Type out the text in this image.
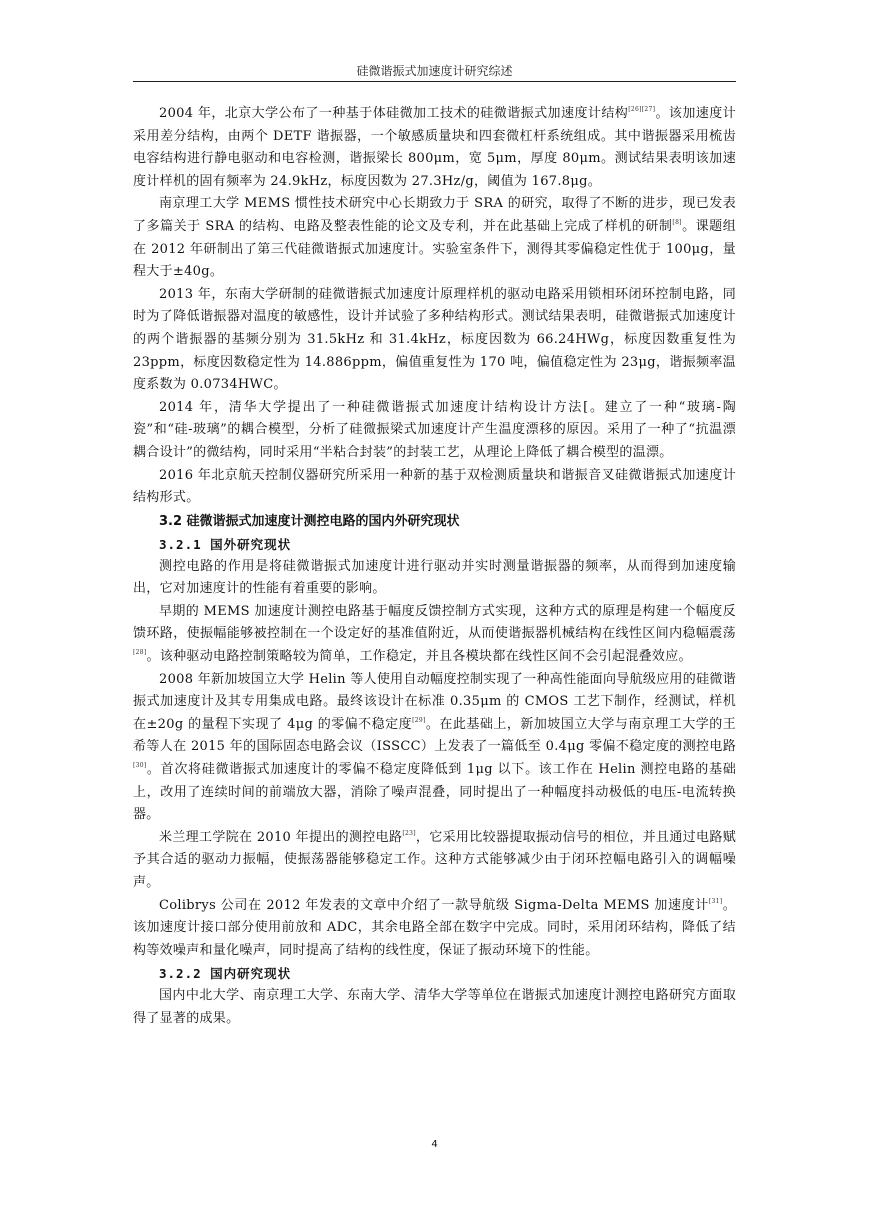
硅微谐振式加速度计研究综述

2004 年，北京大学公布了一种基于体硅微加工技术的硅微谐振式加速度计结构[26][27]。该加速度计采用差分结构，由两个 DETF 谐振器，一个敏感质量块和四套微杠杆系统组成。其中谐振器采用梳齿电容结构进行静电驱动和电容检测，谐振梁长 800μm，宽 5μm，厚度 80μm。测试结果表明该加速度计样机的固有频率为 24.9kHz，标度因数为 27.3Hz/g，阈值为 167.8μg。

南京理工大学 MEMS 惯性技术研究中心长期致力于 SRA 的研究，取得了不断的进步，现已发表了多篇关于 SRA 的结构、电路及整表性能的论文及专利，并在此基础上完成了样机的研制[8]。课题组在 2012 年研制出了第三代硅微谐振式加速度计。实验室条件下，测得其零偏稳定性优于 100μg，量程大于±40g。

2013 年，东南大学研制的硅微谐振式加速度计原理样机的驱动电路采用锁相环闭环控制电路，同时为了降低谐振器对温度的敏感性，设计并试验了多种结构形式。测试结果表明，硅微谐振式加速度计的两个谐振器的基频分别为 31.5kHz 和 31.4kHz，标度因数为 66.24HWg，标度因数重复性为 23ppm，标度因数稳定性为 14.886ppm，偏值重复性为 170 吨，偏值稳定性为 23μg，谐振频率温度系数为 0.0734HWC。

2014 年，清华大学提出了一种硅微谐振式加速度计结构设计方法[。建立了一种“玻璃-陶瓷”和“硅-玻璃”的耦合模型，分析了硅微振梁式加速度计产生温度漂移的原因。采用了一种了“抗温漂耦合设计”的微结构，同时采用“半粘合封装”的封装工艺，从理论上降低了耦合模型的温漂。

2016 年北京航天控制仪器研究所采用一种新的基于双检测质量块和谐振音叉硅微谐振式加速度计结构形式。

3.2 硅微谐振式加速度计测控电路的国内外研究现状

3.2.1 国外研究现状

测控电路的作用是将硅微谐振式加速度计进行驱动并实时测量谐振器的频率，从而得到加速度输出，它对加速度计的性能有着重要的影响。

早期的 MEMS 加速度计测控电路基于幅度反馈控制方式实现，这种方式的原理是构建一个幅度反馈环路，使振幅能够被控制在一个设定好的基准值附近，从而使谐振器机械结构在线性区间内稳幅震荡[28]。该种驱动电路控制策略较为简单，工作稳定，并且各模块都在线性区间不会引起混叠效应。

2008 年新加坡国立大学 Helin 等人使用自动幅度控制实现了一种高性能面向导航级应用的硅微谐振式加速度计及其专用集成电路。最终该设计在标准 0.35μm 的 CMOS 工艺下制作，经测试，样机在±20g 的量程下实现了 4μg 的零偏不稳定度[29]。在此基础上，新加坡国立大学与南京理工大学的王希等人在 2015 年的国际固态电路会议（ISSCC）上发表了一篇低至 0.4μg 零偏不稳定度的测控电路[30]。首次将硅微谐振式加速度计的零偏不稳定度降低到 1μg 以下。该工作在 Helin 测控电路的基础上，改用了连续时间的前端放大器，消除了噪声混叠，同时提出了一种幅度抖动极低的电压-电流转换器。

米兰理工学院在 2010 年提出的测控电路[23]，它采用比较器提取振动信号的相位，并且通过电路赋予其合适的驱动力振幅，使振荡器能够稳定工作。这种方式能够减少由于闭环控幅电路引入的调幅噪声。

Colibrys 公司在 2012 年发表的文章中介绍了一款导航级 Sigma-Delta MEMS 加速度计[31]。该加速度计接口部分使用前放和 ADC，其余电路全部在数字中完成。同时，采用闭环结构，降低了结构等效噪声和量化噪声，同时提高了结构的线性度，保证了振动环境下的性能。

3.2.2 国内研究现状

国内中北大学、南京理工大学、东南大学、清华大学等单位在谐振式加速度计测控电路研究方面取得了显著的成果。

4
